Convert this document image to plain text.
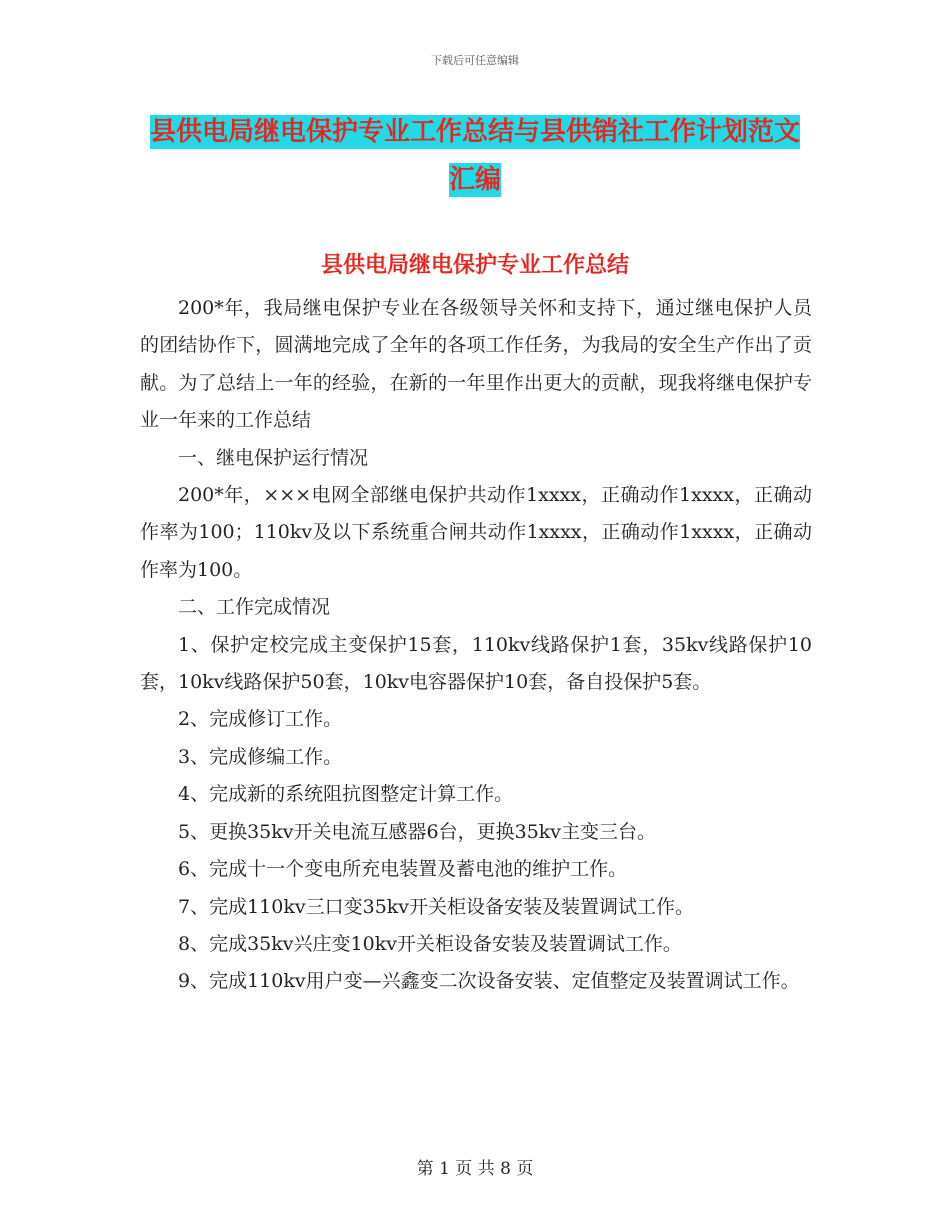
下载后可任意编辑
县供电局继电保护专业工作总结与县供销社工作计划范文汇编
县供电局继电保护专业工作总结

200*年，我局继电保护专业在各级领导关怀和支持下，通过继电保护人员的团结协作下，圆满地完成了全年的各项工作任务，为我局的安全生产作出了贡献。为了总结上一年的经验，在新的一年里作出更大的贡献，现我将继电保护专业一年来的工作总结

一、继电保护运行情况

200*年，×××电网全部继电保护共动作1xxxx，正确动作1xxxx，正确动作率为100；110kv及以下系统重合闸共动作1xxxx，正确动作1xxxx，正确动作率为100。

二、工作完成情况

1、保护定校完成主变保护15套，110kv线路保护1套，35kv线路保护10套，10kv线路保护50套，10kv电容器保护10套，备自投保护5套。

2、完成修订工作。

3、完成修编工作。

4、完成新的系统阻抗图整定计算工作。

5、更换35kv开关电流互感器6台，更换35kv主变三台。

6、完成十一个变电所充电装置及蓄电池的维护工作。

7、完成110kv三口变35kv开关柜设备安装及装置调试工作。

8、完成35kv兴庄变10kv开关柜设备安装及装置调试工作。

9、完成110kv用户变—兴鑫变二次设备安装、定值整定及装置调试工作。

第 1 页 共 8 页
